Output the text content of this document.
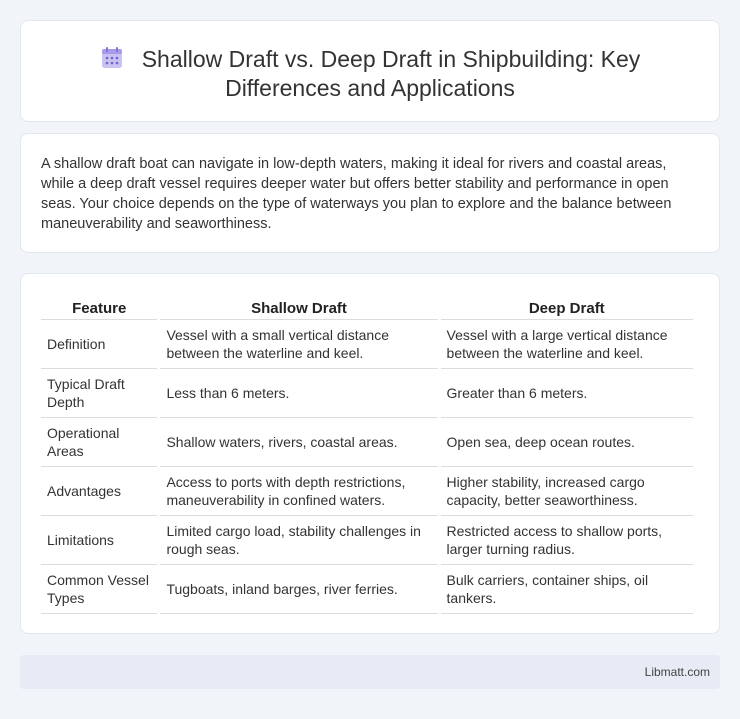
Shallow Draft vs. Deep Draft in Shipbuilding: Key
Differences and Applications

A shallow draft boat can navigate in low-depth waters, making it ideal for rivers and coastal areas, while a deep draft vessel requires deeper water but offers better stability and performance in open seas. Your choice depends on the type of waterways you plan to explore and the balance between maneuverability and seaworthiness.

Feature	Shallow Draft	Deep Draft
Definition	Vessel with a small vertical distance between the waterline and keel.	Vessel with a large vertical distance between the waterline and keel.
Typical Draft Depth	Less than 6 meters.	Greater than 6 meters.
Operational Areas	Shallow waters, rivers, coastal areas.	Open sea, deep ocean routes.
Advantages	Access to ports with depth restrictions, maneuverability in confined waters.	Higher stability, increased cargo capacity, better seaworthiness.
Limitations	Limited cargo load, stability challenges in rough seas.	Restricted access to shallow ports, larger turning radius.
Common Vessel Types	Tugboats, inland barges, river ferries.	Bulk carriers, container ships, oil tankers.
Libmatt.com
